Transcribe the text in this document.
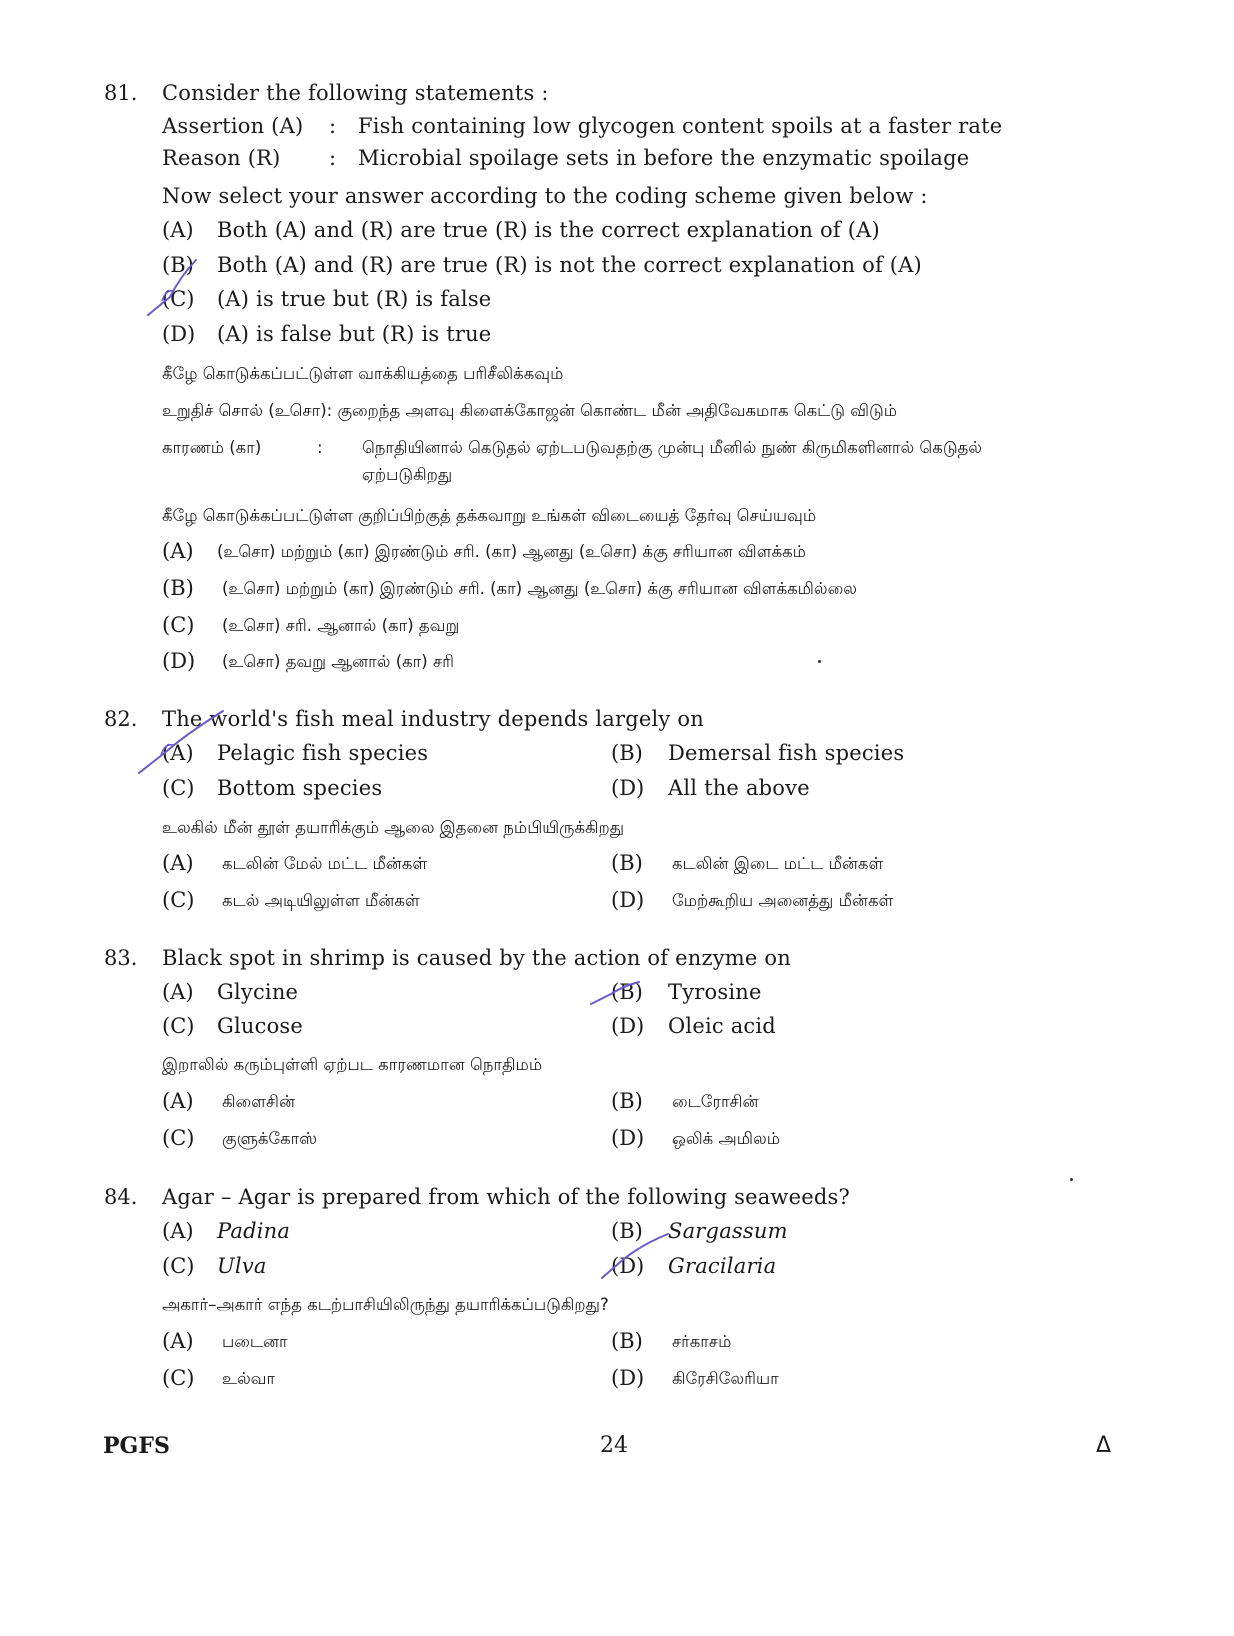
81. Consider the following statements :
Assertion (A) : Fish containing low glycogen content spoils at a faster rate
Reason (R) : Microbial spoilage sets in before the enzymatic spoilage
Now select your answer according to the coding scheme given below :
(A) Both (A) and (R) are true (R) is the correct explanation of (A)
(B) Both (A) and (R) are true (R) is not the correct explanation of (A)
(C) (A) is true but (R) is false
(D) (A) is false but (R) is true
கீழே கொடுக்கப்பட்டுள்ள வாக்கியத்தை பரிசீலிக்கவும்
உறுதிச் சொல் (உசொ): குறைந்த அளவு கிளைக்கோஜன் கொண்ட மீன் அதிவேகமாக கெட்டு விடும்
காரணம் (கா)	: நொதியினால் கெடுதல் ஏற்டபடுவதற்கு முன்பு மீனில் நுண் கிருமிகளினால் கெடுதல்
ஏற்படுகிறது
கீழே கொடுக்கப்பட்டுள்ள குறிப்பிற்குத் தக்கவாறு உங்கள் விடையைத் தேர்வு செய்யவும்
(A) (உசொ) மற்றும் (கா) இரண்டும் சரி. (கா) ஆனது (உசொ) க்கு சரியான விளக்கம்
(B) (உசொ) மற்றும் (கா) இரண்டும் சரி. (கா) ஆனது (உசொ) க்கு சரியான விளக்கமில்லை
(C) (உசொ) சரி. ஆனால் (கா) தவறு
(D) (உசொ) தவறு ஆனால் (கா) சரி
82. The world's fish meal industry depends largely on
(A) Pelagic fish species	(B) Demersal fish species
(C) Bottom species	(D) All the above
உலகில் மீன் தூள் தயாரிக்கும் ஆலை இதனை நம்பியிருக்கிறது
(A) கடலின் மேல் மட்ட மீன்கள்	(B) கடலின் இடை மட்ட மீன்கள்
(C) கடல் அடியிலுள்ள மீன்கள்	(D) மேற்கூறிய அனைத்து மீன்கள்
83. Black spot in shrimp is caused by the action of enzyme on
(A) Glycine	(B) Tyrosine
(C) Glucose	(D) Oleic acid
இறாலில் கரும்புள்ளி ஏற்பட காரணமான நொதிமம்
(A) கிளைசின்	(B) டைரோசின்
(C) குளுக்கோஸ்	(D) ஒலிக் அமிலம்
84. Agar – Agar is prepared from which of the following seaweeds?
(A) Padina	(B) Sargassum
(C) Ulva	(D) Gracilaria
அகார்–அகார் எந்த கடற்பாசியிலிருந்து தயாரிக்கப்படுகிறது?
(A) படைனா	(B) சர்காசம்
(C) உல்வா	(D) கிரேசிலேரியா
PGFS	24	Δ
